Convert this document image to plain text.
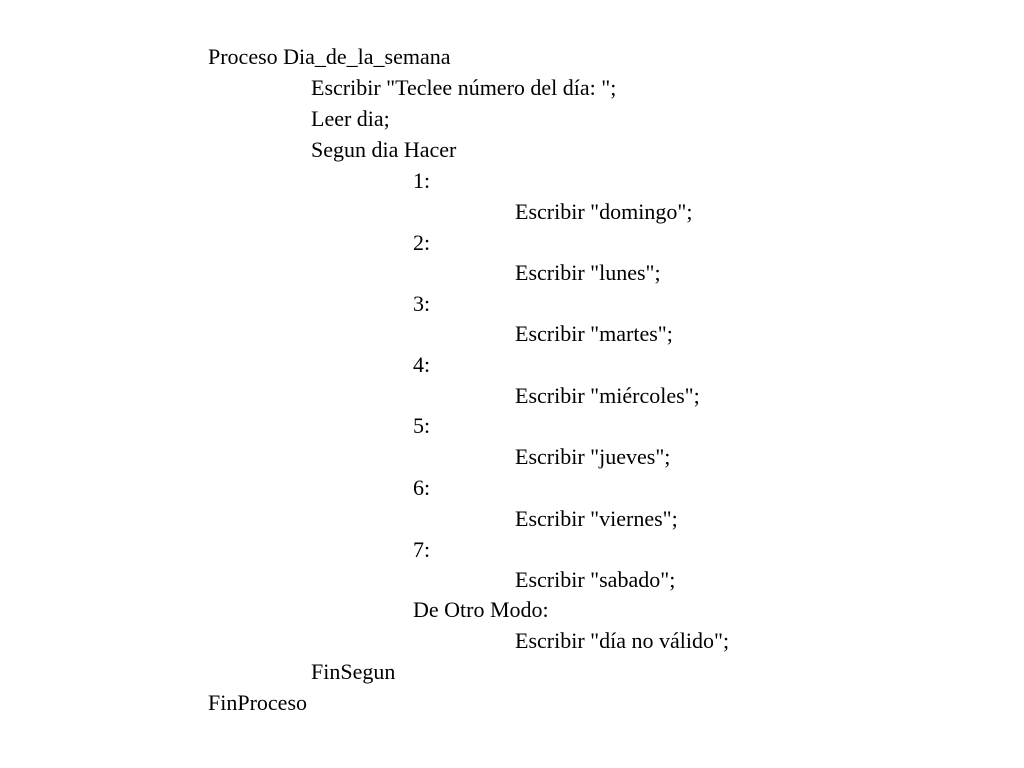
Proceso Dia_de_la_semana
Escribir "Teclee número del día: ";
Leer dia;
Segun dia Hacer
1:
Escribir "domingo";
2:
Escribir "lunes";
3:
Escribir "martes";
4:
Escribir "miércoles";
5:
Escribir "jueves";
6:
Escribir "viernes";
7:
Escribir "sabado";
De Otro Modo:
Escribir "día no válido";
FinSegun
FinProceso
